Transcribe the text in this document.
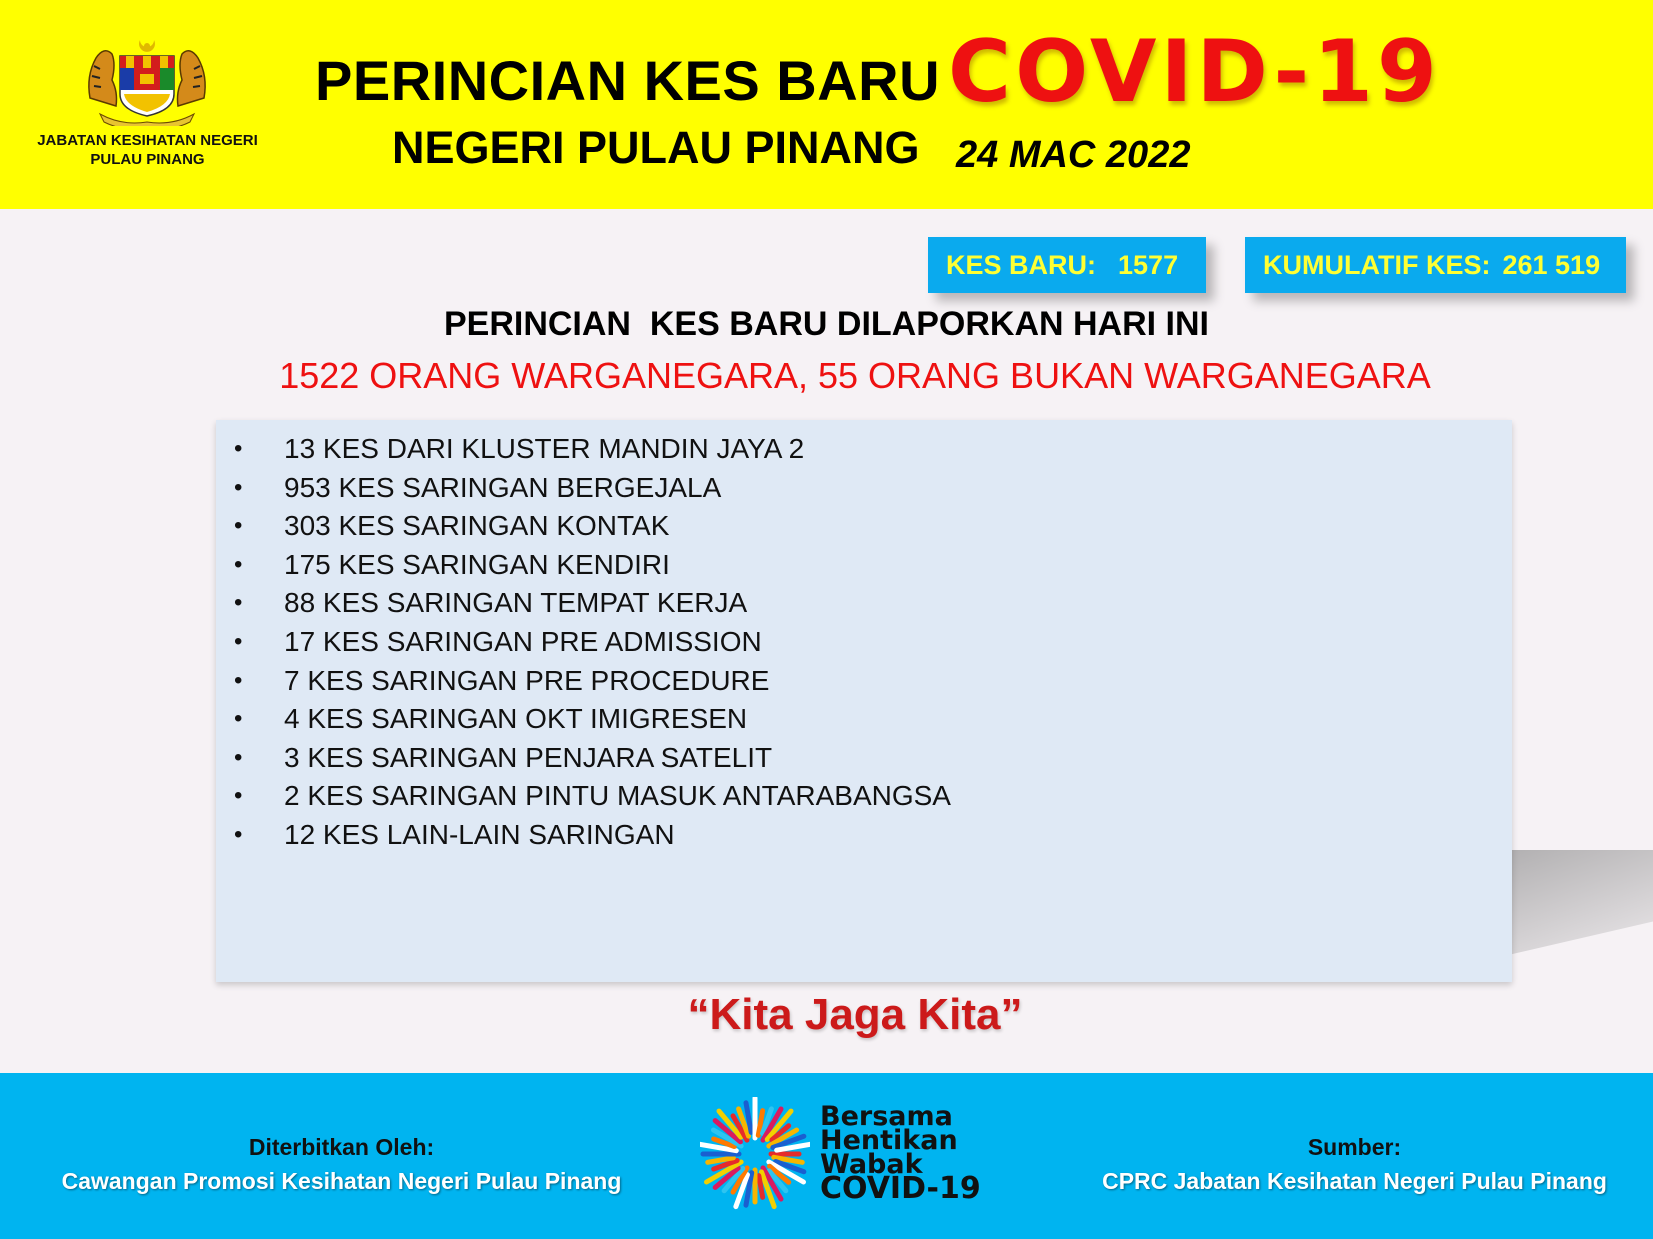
JABATAN KESIHATAN NEGERI
PULAU PINANG
PERINCIAN KES BARU COVID-19
NEGERI PULAU PINANG 24 MAC 2022
KES BARU: 1577	KUMULATIF KES: 261 519
PERINCIAN  KES BARU DILAPORKAN HARI INI
1522 ORANG WARGANEGARA, 55 ORANG BUKAN WARGANEGARA
• 13 KES DARI KLUSTER MANDIN JAYA 2
• 953 KES SARINGAN BERGEJALA
• 303 KES SARINGAN KONTAK
• 175 KES SARINGAN KENDIRI
• 88 KES SARINGAN TEMPAT KERJA
• 17 KES SARINGAN PRE ADMISSION
• 7 KES SARINGAN PRE PROCEDURE
• 4 KES SARINGAN OKT IMIGRESEN
• 3 KES SARINGAN PENJARA SATELIT
• 2 KES SARINGAN PINTU MASUK ANTARABANGSA
• 12 KES LAIN-LAIN SARINGAN
“Kita Jaga Kita”
Diterbitkan Oleh:
Cawangan Promosi Kesihatan Negeri Pulau Pinang
Sumber:
CPRC Jabatan Kesihatan Negeri Pulau Pinang
Bersama
Hentikan
Wabak
COVID-19
